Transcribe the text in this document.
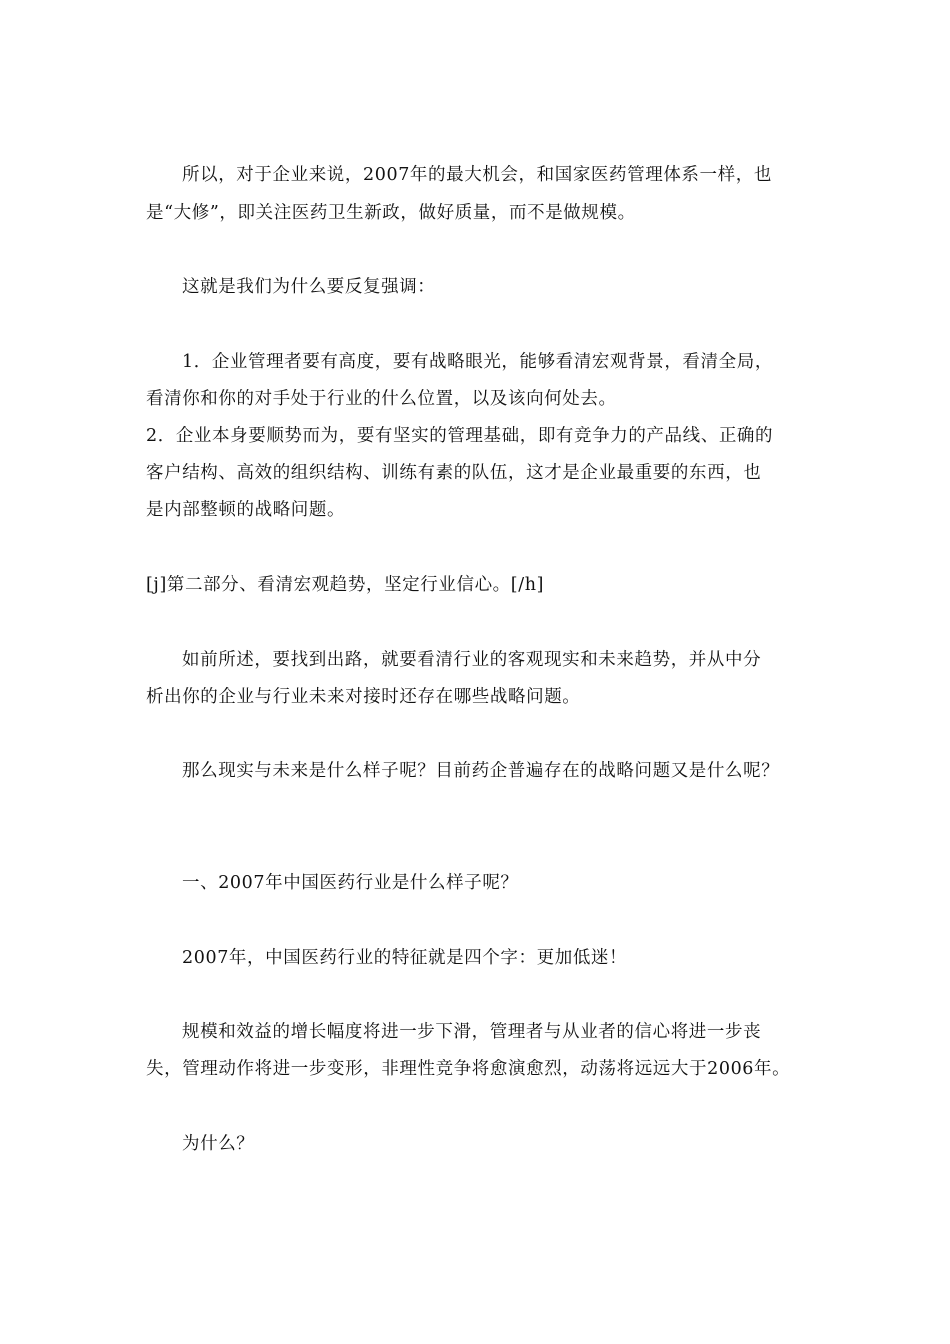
所以，对于企业来说，2007年的最大机会，和国家医药管理体系一样，也
是“大修”，即关注医药卫生新政，做好质量，而不是做规模。
这就是我们为什么要反复强调：
1．企业管理者要有高度，要有战略眼光，能够看清宏观背景，看清全局，
看清你和你的对手处于行业的什么位置，以及该向何处去。
2．企业本身要顺势而为，要有坚实的管理基础，即有竞争力的产品线、正确的
客户结构、高效的组织结构、训练有素的队伍，这才是企业最重要的东西，也
是内部整顿的战略问题。
[j]第二部分、看清宏观趋势，坚定行业信心。[/h]
如前所述，要找到出路，就要看清行业的客观现实和未来趋势，并从中分
析出你的企业与行业未来对接时还存在哪些战略问题。
那么现实与未来是什么样子呢？目前药企普遍存在的战略问题又是什么呢？
一、2007年中国医药行业是什么样子呢？
2007年，中国医药行业的特征就是四个字：更加低迷！
规模和效益的增长幅度将进一步下滑，管理者与从业者的信心将进一步丧
失，管理动作将进一步变形，非理性竞争将愈演愈烈，动荡将远远大于2006年。
为什么？
